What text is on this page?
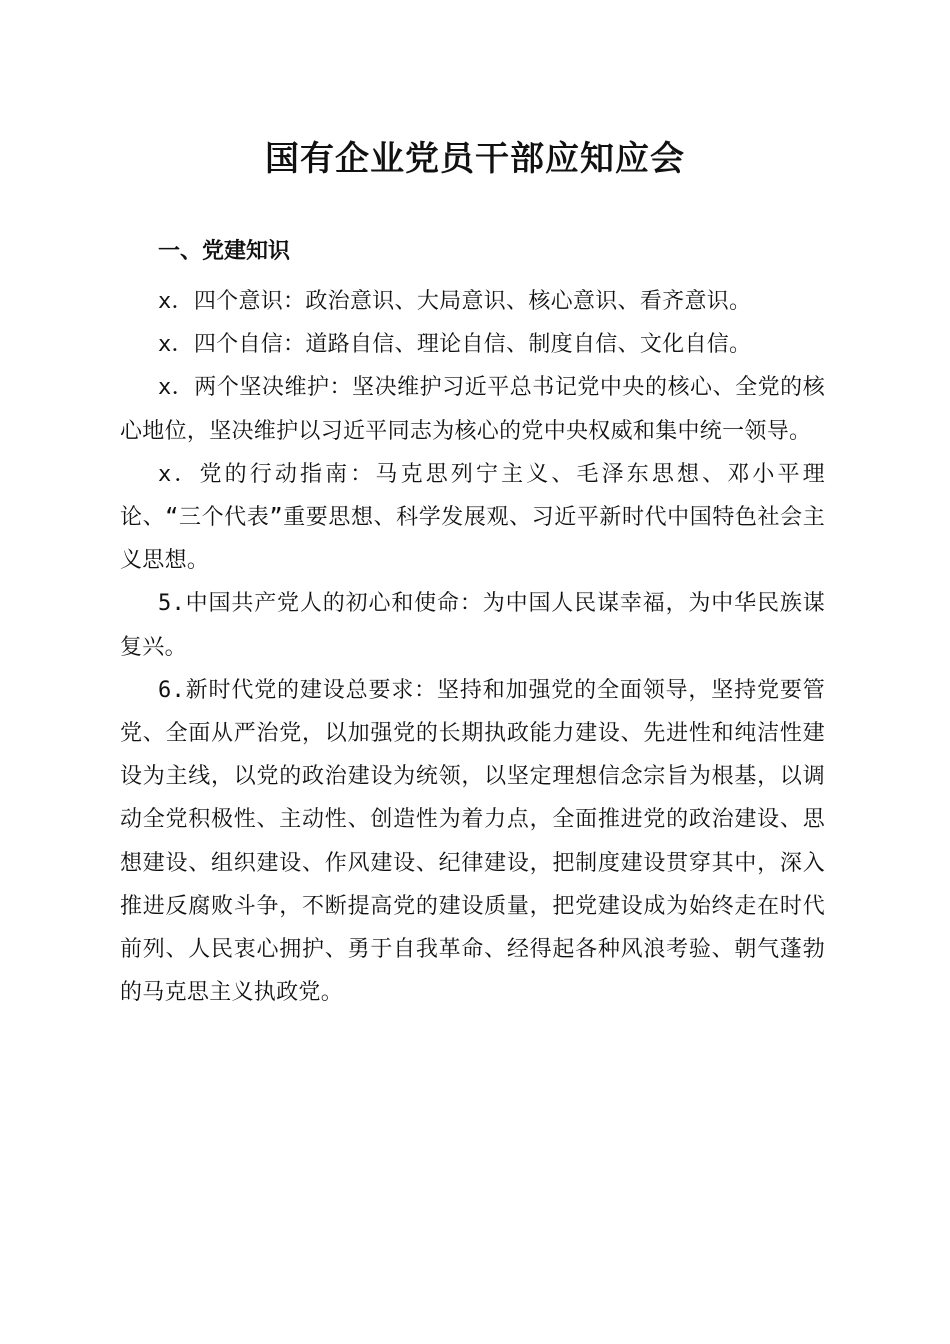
国有企业党员干部应知应会
一、党建知识

x．四个意识：政治意识、大局意识、核心意识、看齐意识。

x．四个自信：道路自信、理论自信、制度自信、文化自信。

x．两个坚决维护：坚决维护习近平总书记党中央的核心、全党的核心地位，坚决维护以习近平同志为核心的党中央权威和集中统一领导。

x．党的行动指南：马克思列宁主义、毛泽东思想、邓小平理论、“三个代表”重要思想、科学发展观、习近平新时代中国特色社会主义思想。

5.中国共产党人的初心和使命：为中国人民谋幸福，为中华民族谋复兴。

6.新时代党的建设总要求：坚持和加强党的全面领导，坚持党要管党、全面从严治党，以加强党的长期执政能力建设、先进性和纯洁性建设为主线，以党的政治建设为统领，以坚定理想信念宗旨为根基，以调动全党积极性、主动性、创造性为着力点，全面推进党的政治建设、思想建设、组织建设、作风建设、纪律建设，把制度建设贯穿其中，深入推进反腐败斗争，不断提高党的建设质量，把党建设成为始终走在时代前列、人民衷心拥护、勇于自我革命、经得起各种风浪考验、朝气蓬勃的马克思主义执政党。
